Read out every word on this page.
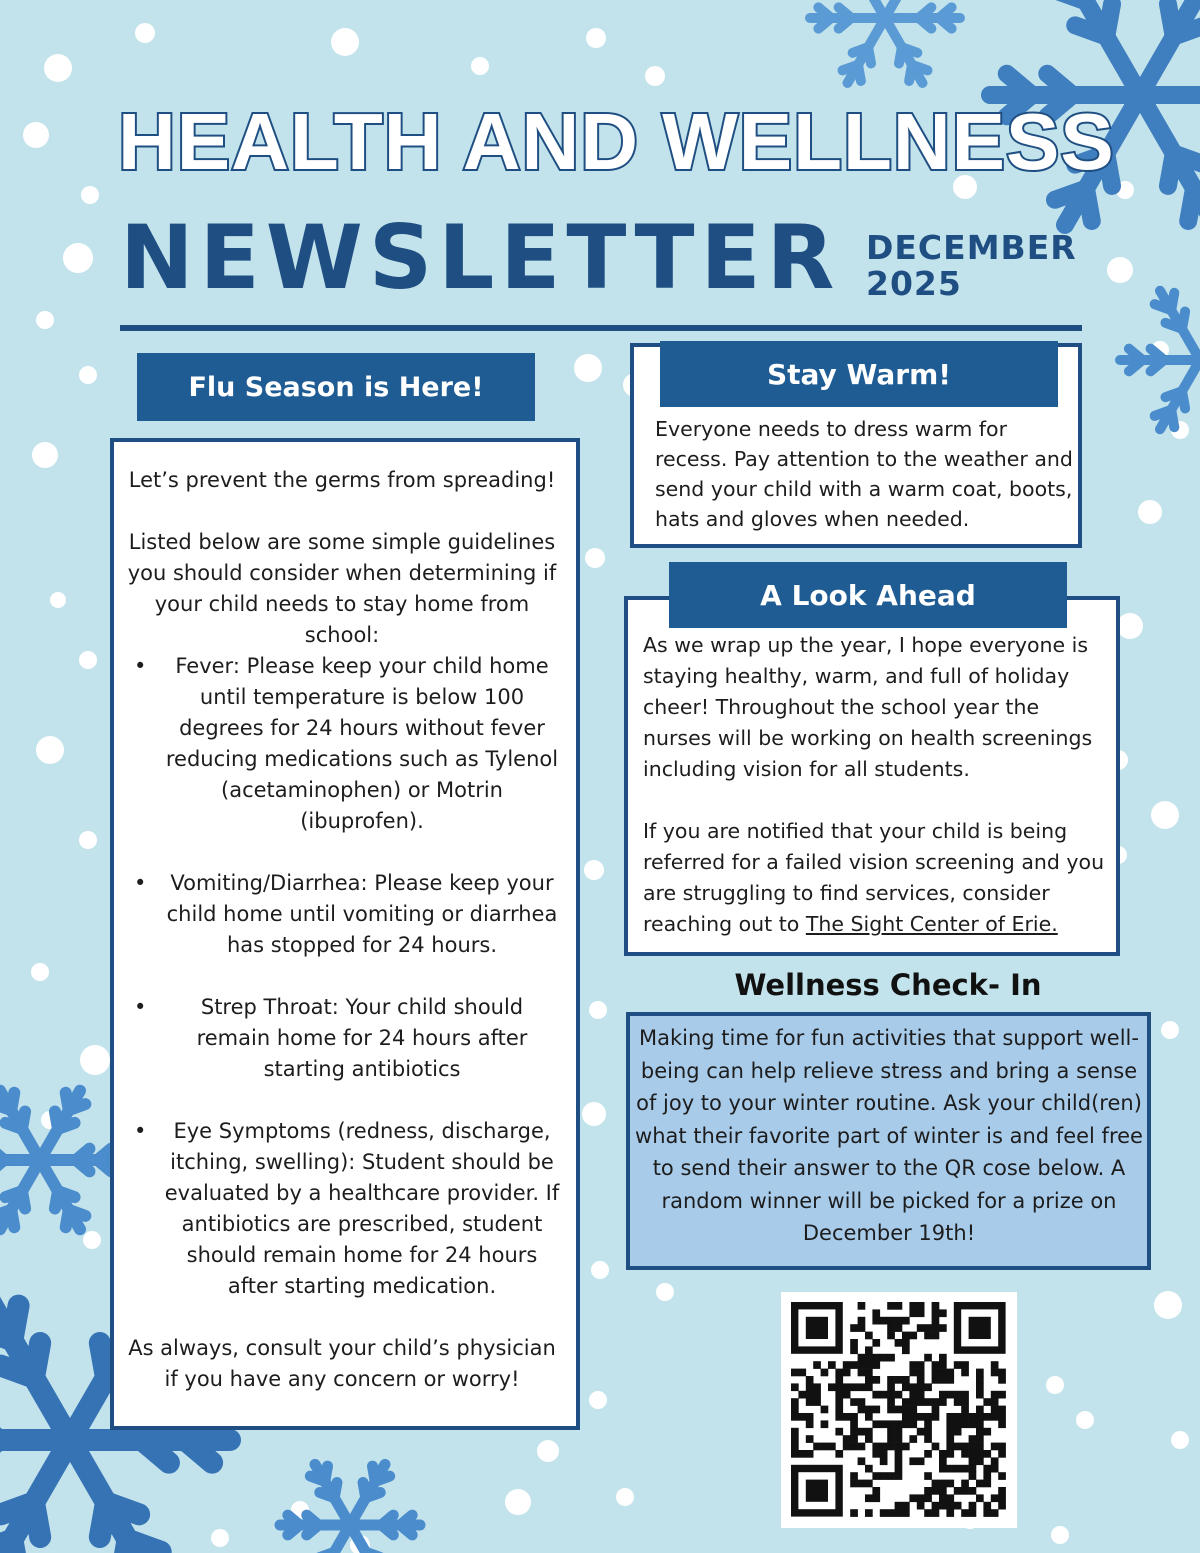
HEALTH AND WELLNESS
NEWSLETTER DECEMBER
2025
Flu Season is Here!

Let’s prevent the germs from spreading!

Listed below are some simple guidelines you should consider when determining if your child needs to stay home from school:

• Fever: Please keep your child home until temperature is below 100 degrees for 24 hours without fever reducing medications such as Tylenol (acetaminophen) or Motrin (ibuprofen).
• Vomiting/Diarrhea: Please keep your child home until vomiting or diarrhea has stopped for 24 hours.
•	Strep Throat: Your child should remain home for 24 hours after starting antibiotics
• Eye Symptoms (redness, discharge, itching, swelling): Student should be evaluated by a healthcare provider. If antibiotics are prescribed, student should remain home for 24 hours after starting medication.

As always, consult your child’s physician if you have any concern or worry!

Stay Warm!
Everyone needs to dress warm for recess. Pay attention to the weather and send your child with a warm coat, boots, hats and gloves when needed.
A Look Ahead

As we wrap up the year, I hope everyone is staying healthy, warm, and full of holiday cheer! Throughout the school year the nurses will be working on health screenings including vision for all students.

If you are notified that your child is being referred for a failed vision screening and you are struggling to find services, consider reaching out to The Sight Center of Erie.

Wellness Check- In
Making time for fun activities that support well-being can help relieve stress and bring a sense of joy to your winter routine. Ask your child(ren) what their favorite part of winter is and feel free to send their answer to the QR cose below. A random winner will be picked for a prize on December 19th!
